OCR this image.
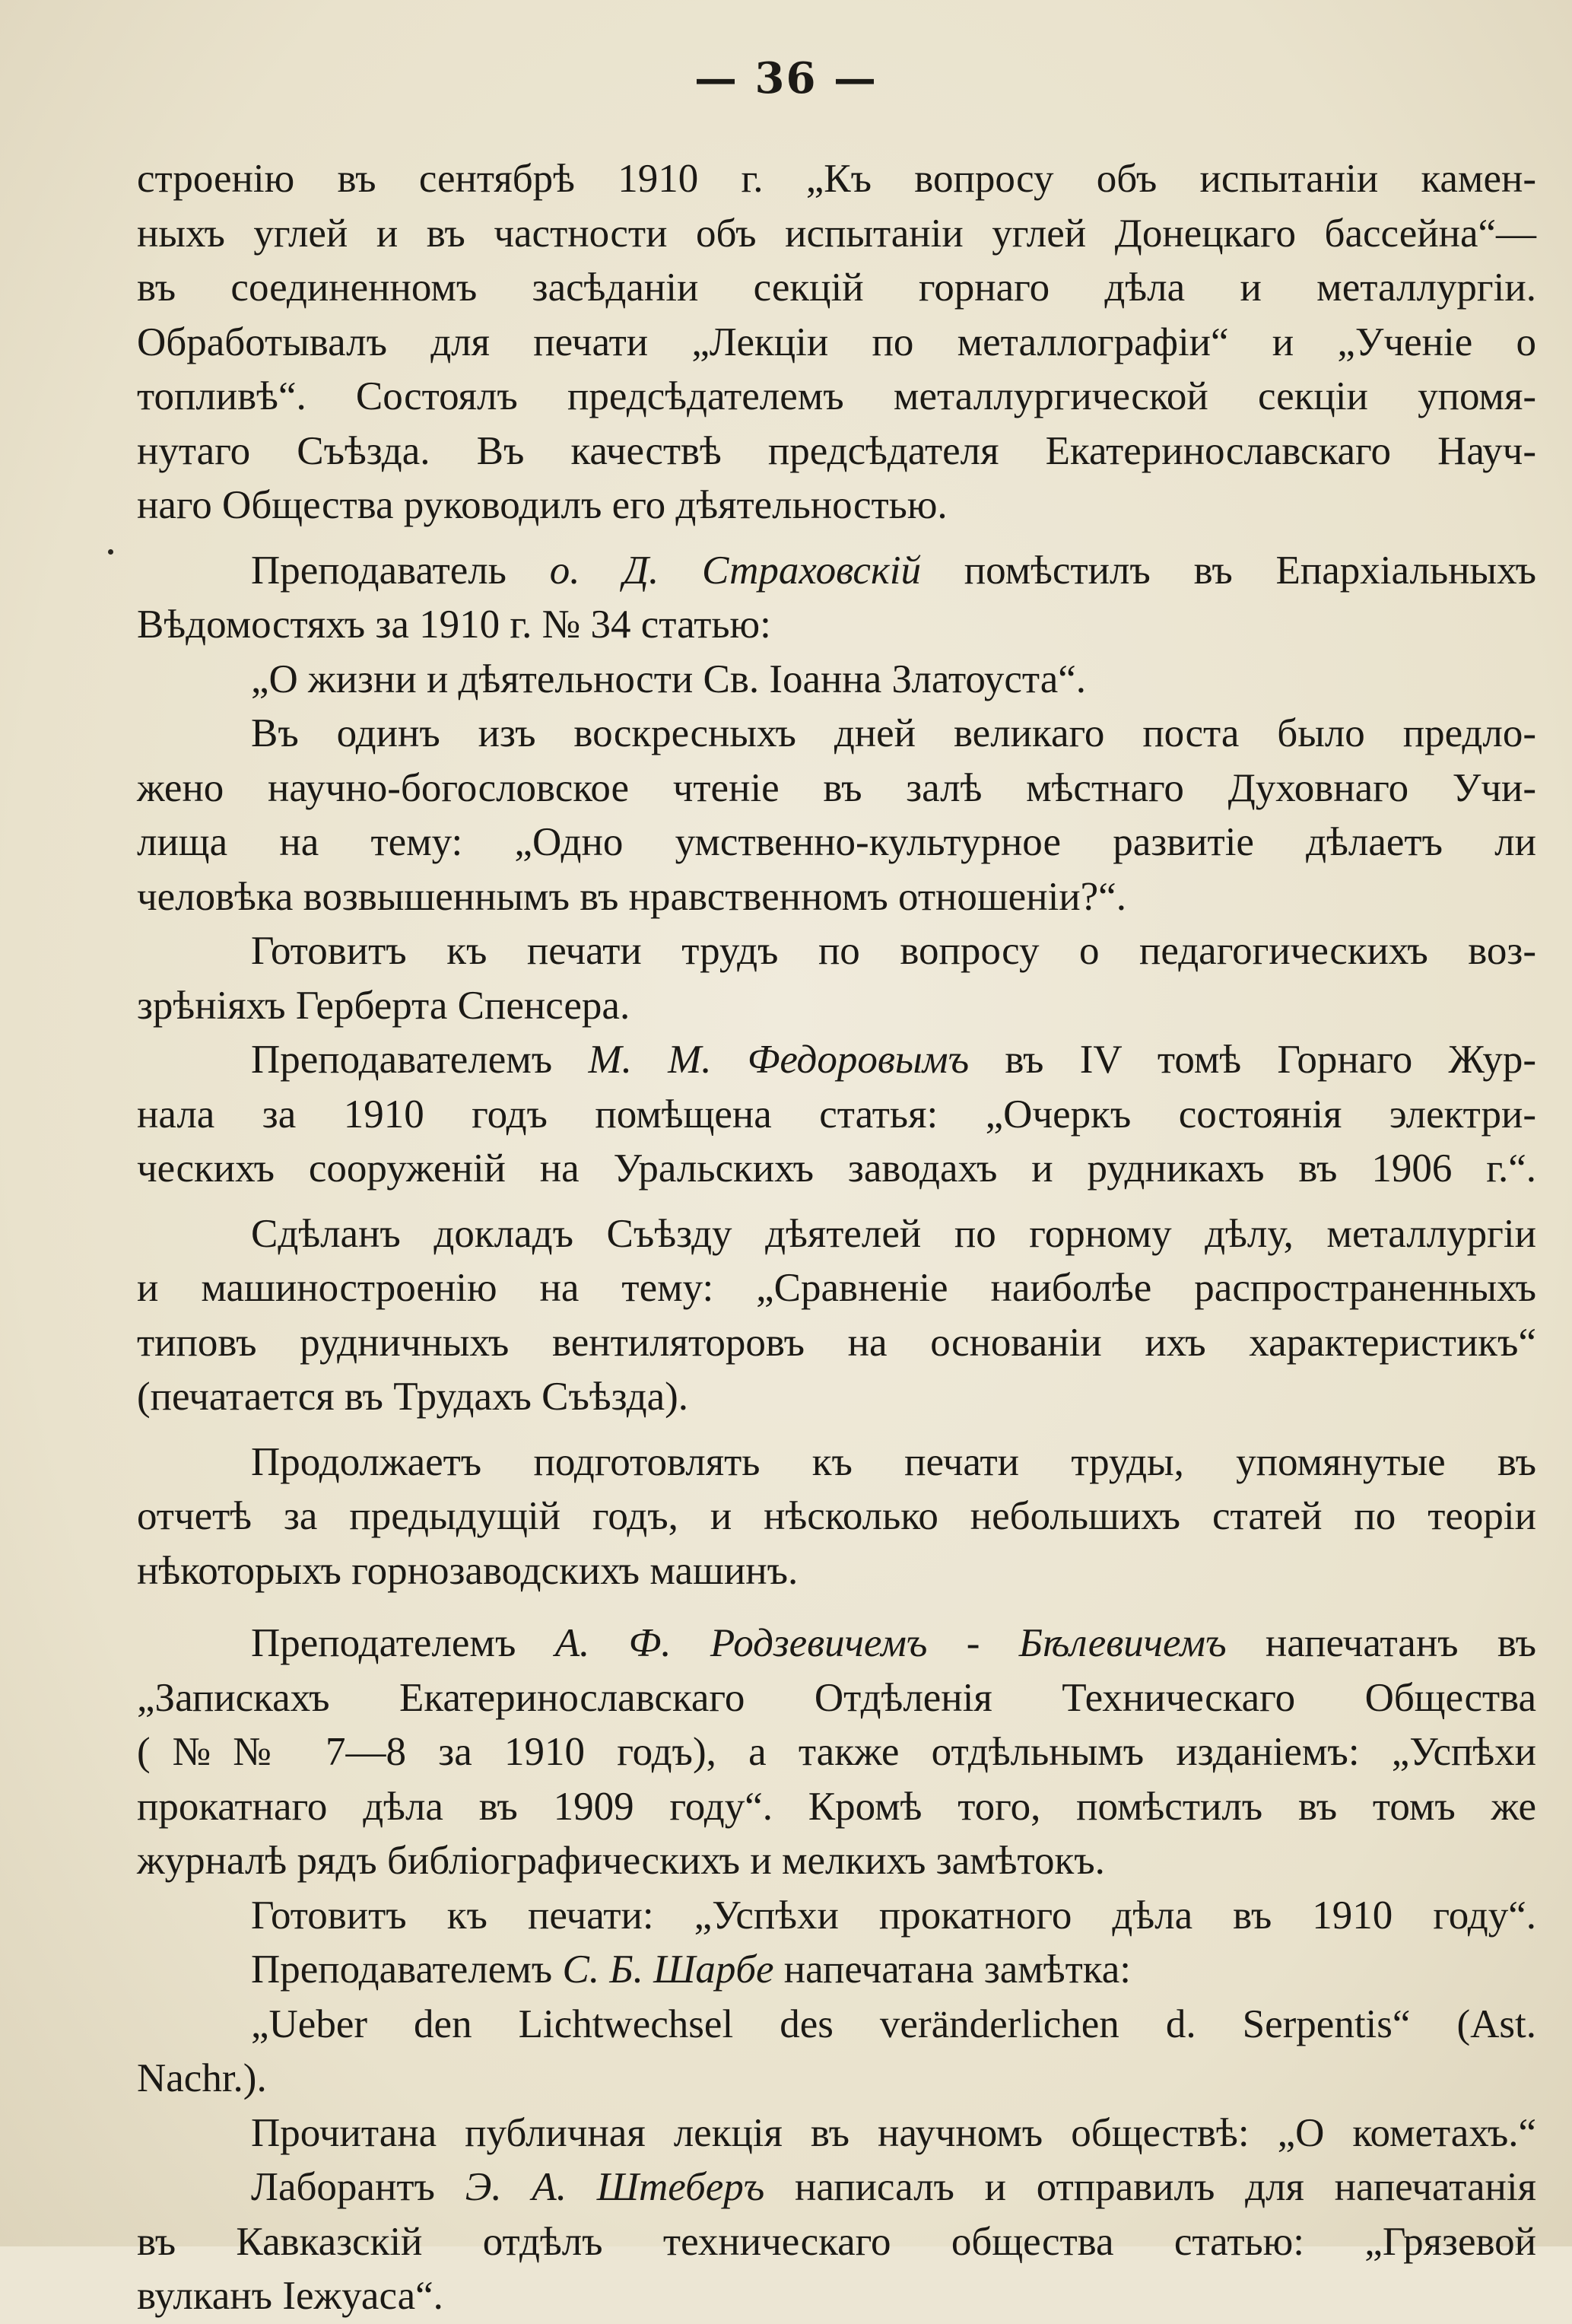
— 36 —
строенію въ сентябрѣ 1910 г. „Къ вопросу объ испытаніи камен-
ныхъ углей и въ частности объ испытаніи углей Донецкаго бассейна“—
въ соединенномъ засѣданіи секцій горнаго дѣла и металлургіи.
Обработывалъ для печати „Лекціи по металлографіи“ и „Ученіе о
топливѣ“. Состоялъ предсѣдателемъ металлургической секціи упомя-
нутаго Съѣзда. Въ качествѣ предсѣдателя Екатеринославскаго Науч-
наго Общества руководилъ его дѣятельностью.
Преподаватель о. Д. Страховскій помѣстилъ въ Епархіальныхъ
Вѣдомостяхъ за 1910 г. № 34 статью:
„О жизни и дѣятельности Св. Іоанна Златоуста“.
Въ одинъ изъ воскресныхъ дней великаго поста было предло-
жено научно-богословское чтеніе въ залѣ мѣстнаго Духовнаго Учи-
лища на тему: „Одно умственно-культурное развитіе дѣлаетъ ли
человѣка возвышеннымъ въ нравственномъ отношеніи?“.
Готовитъ къ печати трудъ по вопросу о педагогическихъ воз-
зрѣніяхъ Герберта Спенсера.
Преподавателемъ М. М. Федоровымъ въ IV томѣ Горнаго Жур-
нала за 1910 годъ помѣщена статья: „Очеркъ состоянія электри-
ческихъ сооруженій на Уральскихъ заводахъ и рудникахъ въ 1906 г.“.
Сдѣланъ докладъ Съѣзду дѣятелей по горному дѣлу, металлургіи
и машиностроенію на тему: „Сравненіе наиболѣе распространенныхъ
типовъ рудничныхъ вентиляторовъ на основаніи ихъ характеристикъ“
(печатается въ Трудахъ Съѣзда).
Продолжаетъ подготовлять къ печати труды, упомянутые въ
отчетѣ за предыдущій годъ, и нѣсколько небольшихъ статей по теоріи
нѣкоторыхъ горнозаводскихъ машинъ.
Преподателемъ А. Ф. Родзевичемъ - Бѣлевичемъ напечатанъ въ
„Запискахъ Екатеринославскаго Отдѣленія Техническаго Общества
(№№ 7—8 за 1910 годъ), а также отдѣльнымъ изданіемъ: „Успѣхи
прокатнаго дѣла въ 1909 году“. Кромѣ того, помѣстилъ въ томъ же
журналѣ рядъ библіографическихъ и мелкихъ замѣтокъ.
Готовитъ къ печати: „Успѣхи прокатного дѣла въ 1910 году“.
Преподавателемъ С. Б. Шарбе напечатана замѣтка:
„Ueber den Lichtwechsel des veränderlichen d. Serpentis“ (Ast.
Nachr.).
Прочитана публичная лекція въ научномъ обществѣ: „О кометахъ.“
Лаборантъ Э. А. Штеберъ написалъ и отправилъ для напечатанія
въ Кавказскій отдѣлъ техническаго общества статью: „Грязевой
вулканъ Іежуаса“.
